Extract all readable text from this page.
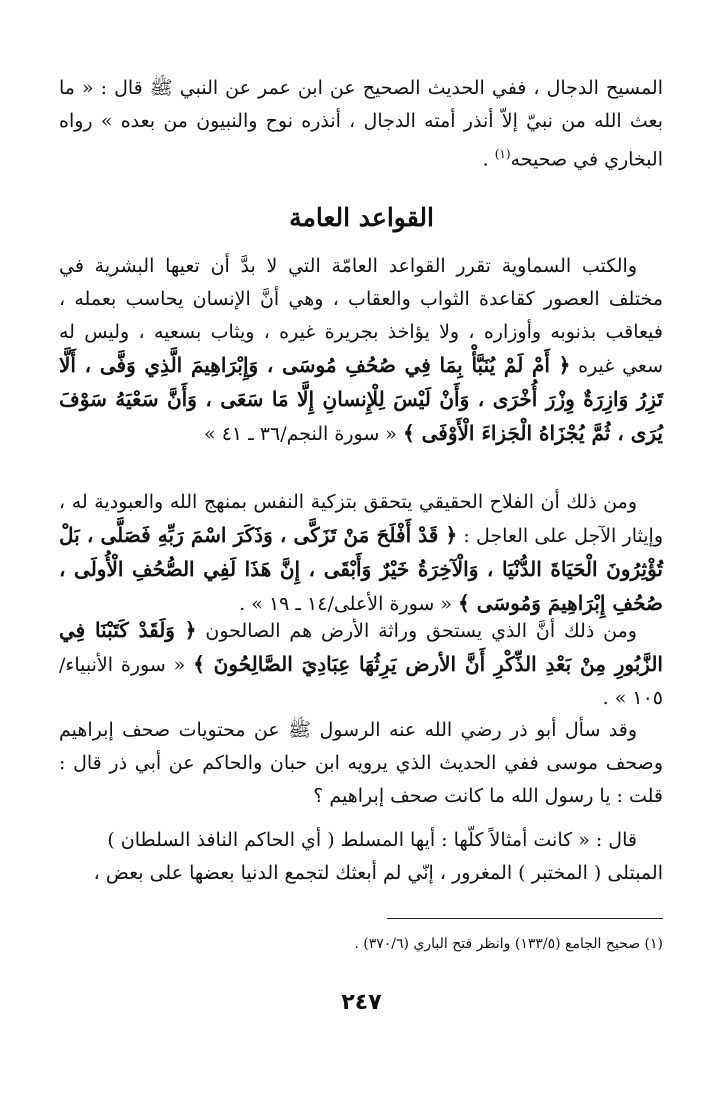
المسيح الدجال ، ففي الحديث الصحيح عن ابن عمر عن النبي ﷺ قال : « ما بعث الله من نبيّ إلاّ أنذر أمته الدجال ، أنذره نوح والنبيون من بعده » رواه البخاري في صحيحه$^{(١)}$ .
القواعد العامة
والكتب السماوية تقرر القواعد العامّة التي لا بدَّ أن تعيها البشرية في مختلف العصور كقاعدة الثواب والعقاب ، وهي أنَّ الإنسان يحاسب بعمله ، فيعاقب بذنوبه وأوزاره ، ولا يؤاخذ بجريرة غيره ، ويثاب بسعيه ، وليس له سعي غيره ﴿ أَمْ لَمْ يُنَبَّأْ بِمَا فِي صُحُفِ مُوسَى ، وَإِبْرَاهِيمَ الَّذِي وَفَّى ، أَلَّا تَزِرُ وَازِرَةٌ وِزْرَ أُخْرَى ، وَأَنْ لَيْسَ لِلْإِنسانِ إِلَّا مَا سَعَى ، وَأَنَّ سَعْيَهُ سَوْفَ يُرَى ، ثُمَّ يُجْزَاهُ الْجَزاءَ الْأَوْفَى ﴾ « سورة النجم/٣٦ ـ ٤١ »
ومن ذلك أن الفلاح الحقيقي يتحقق بتزكية النفس بمنهج الله والعبودية له ، وإيثار الآجل على العاجل : ﴿ قَدْ أَفْلَحَ مَنْ تَزَكَّى ، وَذَكَرَ اسْمَ رَبِّهِ فَصَلَّى ، بَلْ تُؤْثِرُونَ الْحَيَاةَ الدُّنْيَا ، وَالْآخِرَةُ خَيْرٌ وَأَبْقَى ، إِنَّ هَذَا لَفِي الصُّحُفِ الْأُولَى ، صُحُفِ إِبْرَاهِيمَ وَمُوسَى ﴾ « سورة الأعلى/١٤ ـ ١٩ » .
ومن ذلك أنَّ الذي يستحق وراثة الأرض هم الصالحون ﴿ وَلَقَدْ كَتَبْنَا فِي الزَّبُورِ مِنْ بَعْدِ الذِّكْرِ أَنَّ الأرض يَرِثُهَا عِبَادِيَ الصَّالِحُونَ ﴾ « سورة الأنبياء/١٠٥ » .
وقد سأل أبو ذر رضي الله عنه الرسول ﷺ عن محتويات صحف إبراهيم وصحف موسى ففي الحديث الذي يرويه ابن حبان والحاكم عن أبي ذر قال : قلت : يا رسول الله ما كانت صحف إبراهيم ؟
قال : « كانت أمثالاً كلّها : أيها المسلط ( أي الحاكم النافذ السلطان )
المبتلى ( المختبر ) المغرور ، إنّي لم أبعثك لتجمع الدنيا بعضها على بعض ،
(١) صحيح الجامع (١٣٣/٥) وانظر فتح الباري (٣٧٠/٦) .
٢٤٧
